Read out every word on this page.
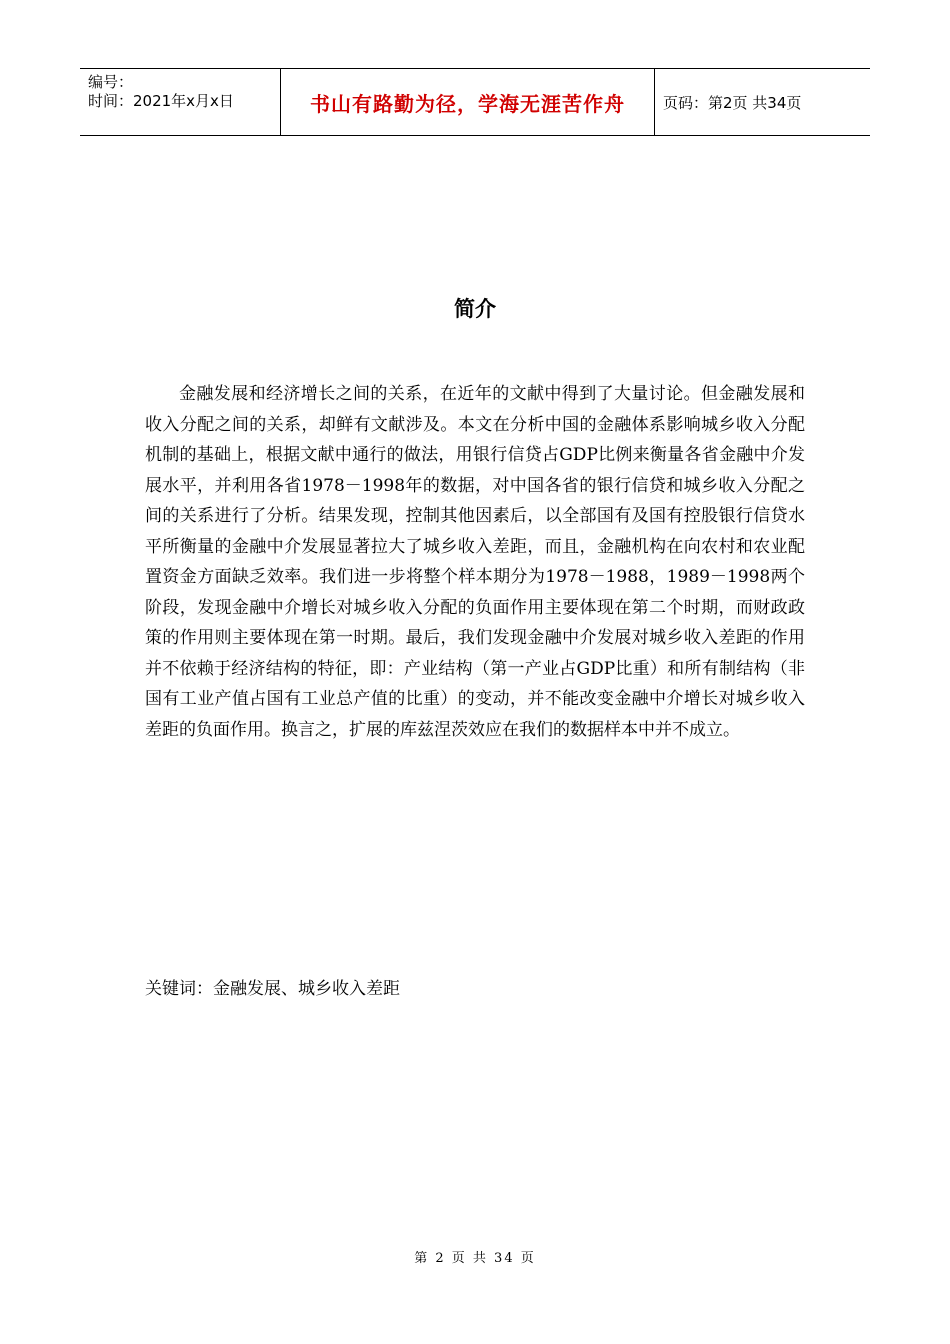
编号：
时间：2021年x月x日	书山有路勤为径，学海无涯苦作舟	页码：第2页 共34页
简介

金融发展和经济增长之间的关系，在近年的文献中得到了大量讨论。但金融发展和收入分配之间的关系，却鲜有文献涉及。本文在分析中国的金融体系影响城乡收入分配机制的基础上，根据文献中通行的做法，用银行信贷占GDP比例来衡量各省金融中介发展水平，并利用各省1978－1998年的数据，对中国各省的银行信贷和城乡收入分配之间的关系进行了分析。结果发现，控制其他因素后，以全部国有及国有控股银行信贷水平所衡量的金融中介发展显著拉大了城乡收入差距，而且，金融机构在向农村和农业配置资金方面缺乏效率。我们进一步将整个样本期分为1978－1988，1989－1998两个阶段，发现金融中介增长对城乡收入分配的负面作用主要体现在第二个时期，而财政政策的作用则主要体现在第一时期。最后，我们发现金融中介发展对城乡收入差距的作用并不依赖于经济结构的特征，即：产业结构（第一产业占GDP比重）和所有制结构（非国有工业产值占国有工业总产值的比重）的变动，并不能改变金融中介增长对城乡收入差距的负面作用。换言之，扩展的库兹涅茨效应在我们的数据样本中并不成立。

关键词：金融发展、城乡收入差距

第 2 页 共 34 页
